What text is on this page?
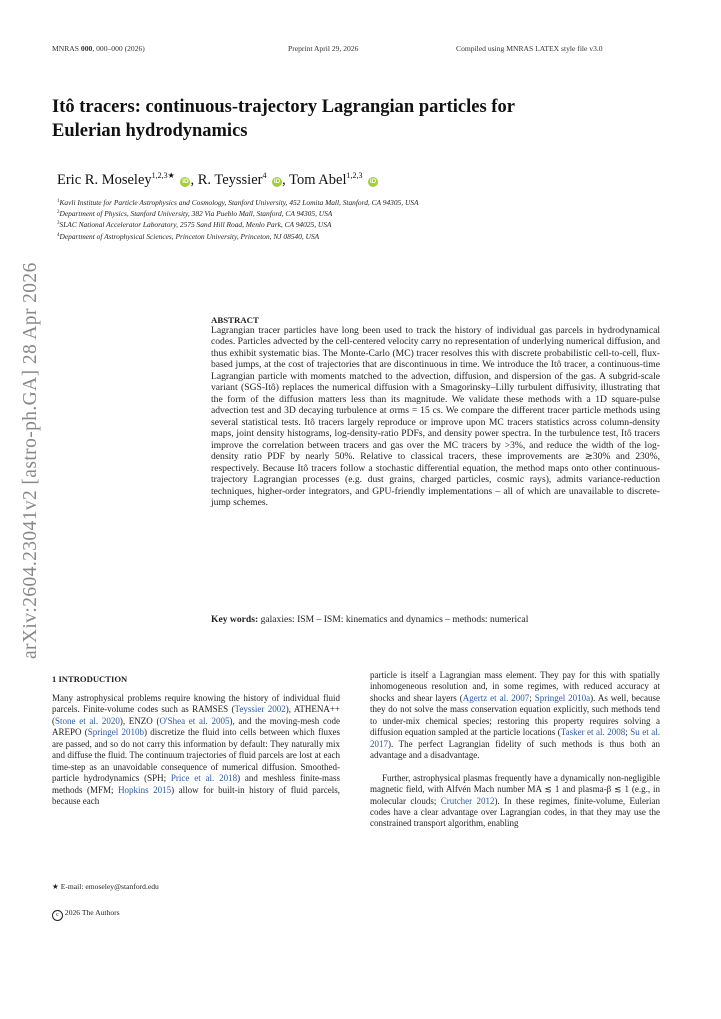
MNRAS 000, 000–000 (2026)	Preprint April 29, 2026	Compiled using MNRAS LATEX style file v3.0
Itô tracers: continuous-trajectory Lagrangian particles for
Eulerian hydrodynamics
Eric R. Moseley$^{1,2,3★}$ iD , R. Teyssier$^4$ iD , Tom Abel$^{1,2,3}$ iD
$^1$Kavli Institute for Particle Astrophysics and Cosmology, Stanford University, 452 Lomita Mall, Stanford, CA 94305, USA
$^2$Department of Physics, Stanford University, 382 Via Pueblo Mall, Stanford, CA 94305, USA
$^3$SLAC National Accelerator Laboratory, 2575 Sand Hill Road, Menlo Park, CA 94025, USA
$^4$Department of Astrophysical Sciences, Princeton University, Princeton, NJ 08540, USA
arXiv:2604.23041v2 [astro-ph.GA] 28 Apr 2026	ABSTRACT
Lagrangian tracer particles have long been used to track the history of individual gas parcels in hydrodynamical codes. Particles advected by the cell-centered velocity carry no representation of underlying numerical diffusion, and thus exhibit systematic bias. The Monte-Carlo (MC) tracer resolves this with discrete probabilistic cell-to-cell, flux-based jumps, at the cost of trajectories that are discontinuous in time. We introduce the Itô tracer, a continuous-time Lagrangian particle with moments matched to the advection, diffusion, and dispersion of the gas. A subgrid-scale variant (SGS-Itô) replaces the numerical diffusion with a Smagorinsky–Lilly turbulent diffusivity, illustrating that the form of the diffusion matters less than its magnitude. We validate these methods with a 1D square-pulse advection test and 3D decaying turbulence at σrms = 15 cs. We compare the different tracer particle methods using several statistical tests. Itô tracers largely reproduce or improve upon MC tracers statistics across column-density maps, joint density histograms, log-density-ratio PDFs, and density power spectra. In the turbulence test, Itô tracers improve the correlation between tracers and gas over the MC tracers by >3%, and reduce the width of the log-density ratio PDF by nearly 50%. Relative to classical tracers, these improvements are ≳30% and 230%, respectively. Because Itô tracers follow a stochastic differential equation, the method maps onto other continuous-trajectory Lagrangian processes (e.g. dust grains, charged particles, cosmic rays), admits variance-reduction techniques, higher-order integrators, and GPU-friendly implementations – all of which are unavailable to discrete-jump schemes.
Key words: galaxies: ISM – ISM: kinematics and dynamics – methods: numerical
1 INTRODUCTION

Many astrophysical problems require knowing the history of individual fluid parcels. Finite-volume codes such as RAMSES (Teyssier 2002), ATHENA++ (Stone et al. 2020), ENZO (O'Shea et al. 2005), and the moving-mesh code AREPO (Springel 2010b) discretize the fluid into cells between which fluxes are passed, and so do not carry this information by default: They naturally mix and diffuse the fluid. The continuum trajectories of fluid parcels are lost at each time-step as an unavoidable consequence of numerical diffusion. Smoothed-particle hydrodynamics (SPH; Price et al. 2018) and meshless finite-mass methods (MFM; Hopkins 2015) allow for built-in history of fluid parcels, because each

particle is itself a Lagrangian mass element. They pay for this with spatially inhomogeneous resolution and, in some regimes, with reduced accuracy at shocks and shear layers (Agertz et al. 2007; Springel 2010a). As well, because they do not solve the mass conservation equation explicitly, such methods tend to under-mix chemical species; restoring this property requires solving a diffusion equation sampled at the particle locations (Tasker et al. 2008; Su et al. 2017). The perfect Lagrangian fidelity of such methods is thus both an advantage and a disadvantage.

Further, astrophysical plasmas frequently have a dynamically non-negligible magnetic field, with Alfvén Mach number MA ≲ 1 and plasma-β ≲ 1 (e.g., in molecular clouds; Crutcher 2012). In these regimes, finite-volume, Eulerian codes have a clear advantage over Lagrangian codes, in that they may use the constrained transport algorithm, enabling

★ E-mail: emoseley@stanford.edu
c 2026 The Authors
